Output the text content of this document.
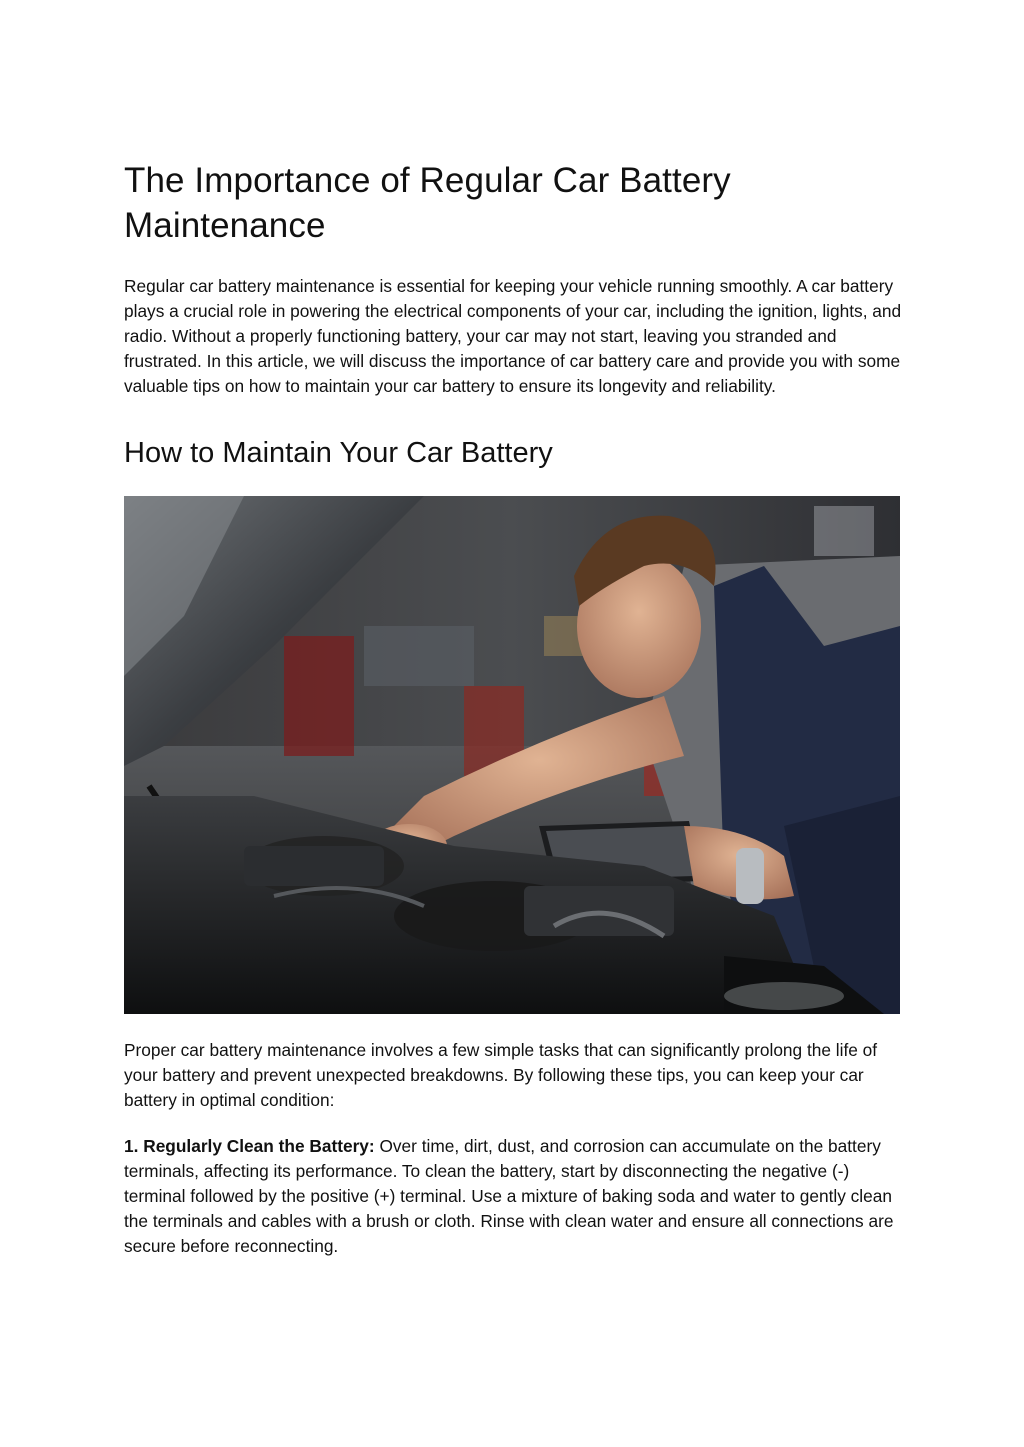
The Importance of Regular Car Battery Maintenance

Regular car battery maintenance is essential for keeping your vehicle running smoothly. A car battery plays a crucial role in powering the electrical components of your car, including the ignition, lights, and radio. Without a properly functioning battery, your car may not start, leaving you stranded and frustrated. In this article, we will discuss the importance of car battery care and provide you with some valuable tips on how to maintain your car battery to ensure its longevity and reliability.

How to Maintain Your Car Battery

Proper car battery maintenance involves a few simple tasks that can significantly prolong the life of your battery and prevent unexpected breakdowns. By following these tips, you can keep your car battery in optimal condition:

1. Regularly Clean the Battery: Over time, dirt, dust, and corrosion can accumulate on the battery terminals, affecting its performance. To clean the battery, start by disconnecting the negative (-) terminal followed by the positive (+) terminal. Use a mixture of baking soda and water to gently clean the terminals and cables with a brush or cloth. Rinse with clean water and ensure all connections are secure before reconnecting.
